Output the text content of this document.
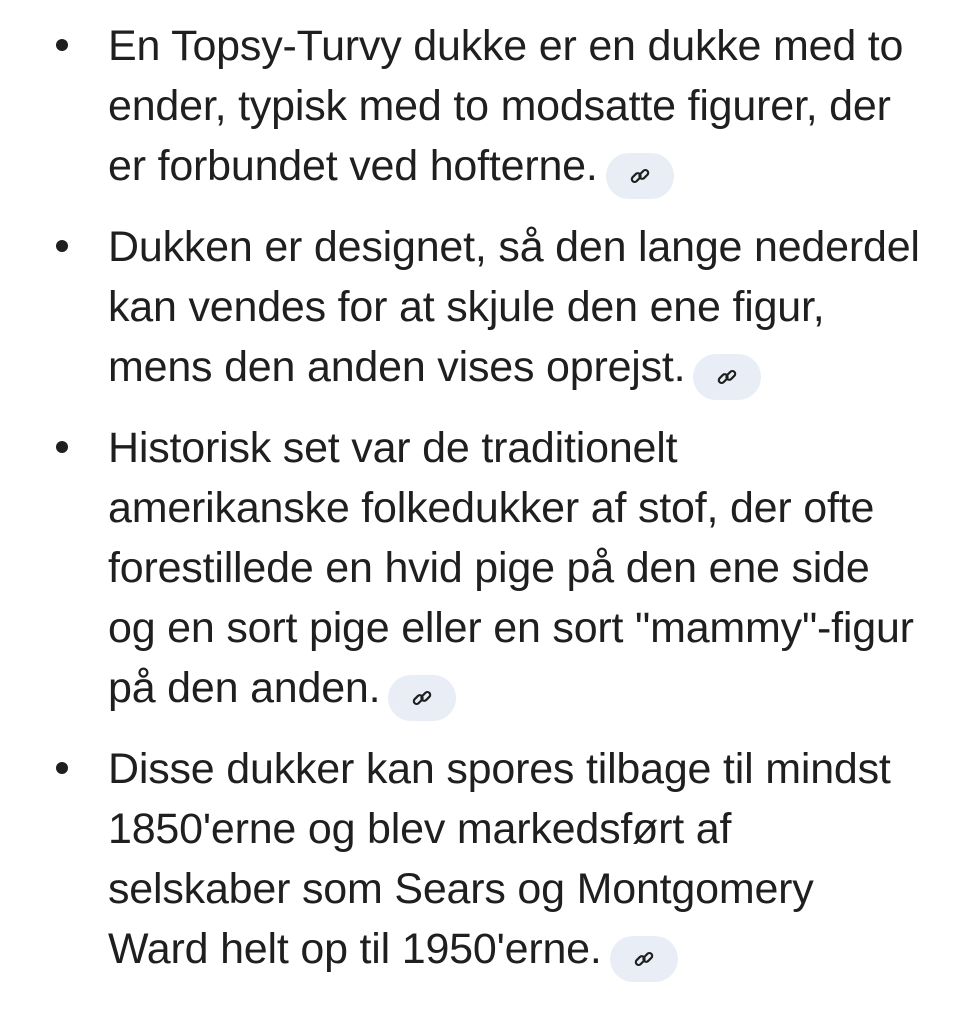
En Topsy-Turvy dukke er en dukke med to ender, typisk med to modsatte figurer, der er forbundet ved hofterne.
Dukken er designet, så den lange nederdel kan vendes for at skjule den ene figur, mens den anden vises oprejst.
Historisk set var de traditionelt amerikanske folkedukker af stof, der ofte forestillede en hvid pige på den ene side og en sort pige eller en sort "mammy"-figur på den anden.
Disse dukker kan spores tilbage til mindst 1850'erne og blev markedsført af selskaber som Sears og Montgomery Ward helt op til 1950'erne.
